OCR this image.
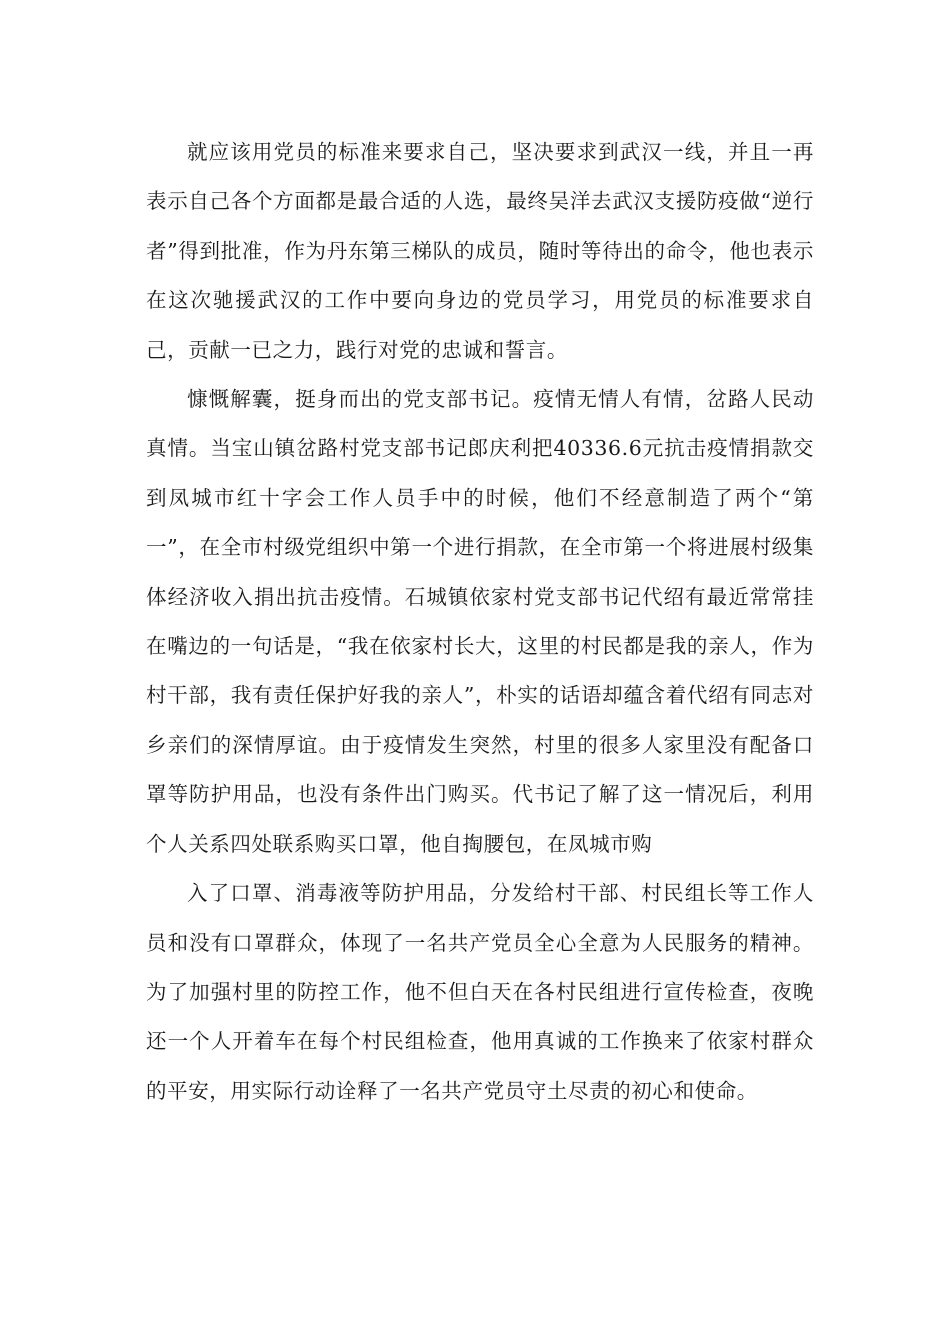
就应该用党员的标准来要求自己，坚决要求到武汉一线，并且一再表示自己各个方面都是最合适的人选，最终吴洋去武汉支援防疫做“逆行者”得到批准，作为丹东第三梯队的成员，随时等待出的命令，他也表示在这次驰援武汉的工作中要向身边的党员学习，用党员的标准要求自己，贡献一已之力，践行对党的忠诚和誓言。

慷慨解囊，挺身而出的党支部书记。疫情无情人有情，岔路人民动真情。当宝山镇岔路村党支部书记郎庆利把40336.6元抗击疫情捐款交到凤城市红十字会工作人员手中的时候，他们不经意制造了两个“第一”，在全市村级党组织中第一个进行捐款，在全市第一个将进展村级集体经济收入捐出抗击疫情。石城镇依家村党支部书记代绍有最近常常挂在嘴边的一句话是，“我在依家村长大，这里的村民都是我的亲人，作为村干部，我有责任保护好我的亲人”，朴实的话语却蕴含着代绍有同志对乡亲们的深情厚谊。由于疫情发生突然，村里的很多人家里没有配备口罩等防护用品，也没有条件出门购买。代书记了解了这一情况后，利用个人关系四处联系购买口罩，他自掏腰包，在凤城市购

入了口罩、消毒液等防护用品，分发给村干部、村民组长等工作人员和没有口罩群众，体现了一名共产党员全心全意为人民服务的精神。为了加强村里的防控工作，他不但白天在各村民组进行宣传检查，夜晚还一个人开着车在每个村民组检查，他用真诚的工作换来了依家村群众的平安，用实际行动诠释了一名共产党员守土尽责的初心和使命。
